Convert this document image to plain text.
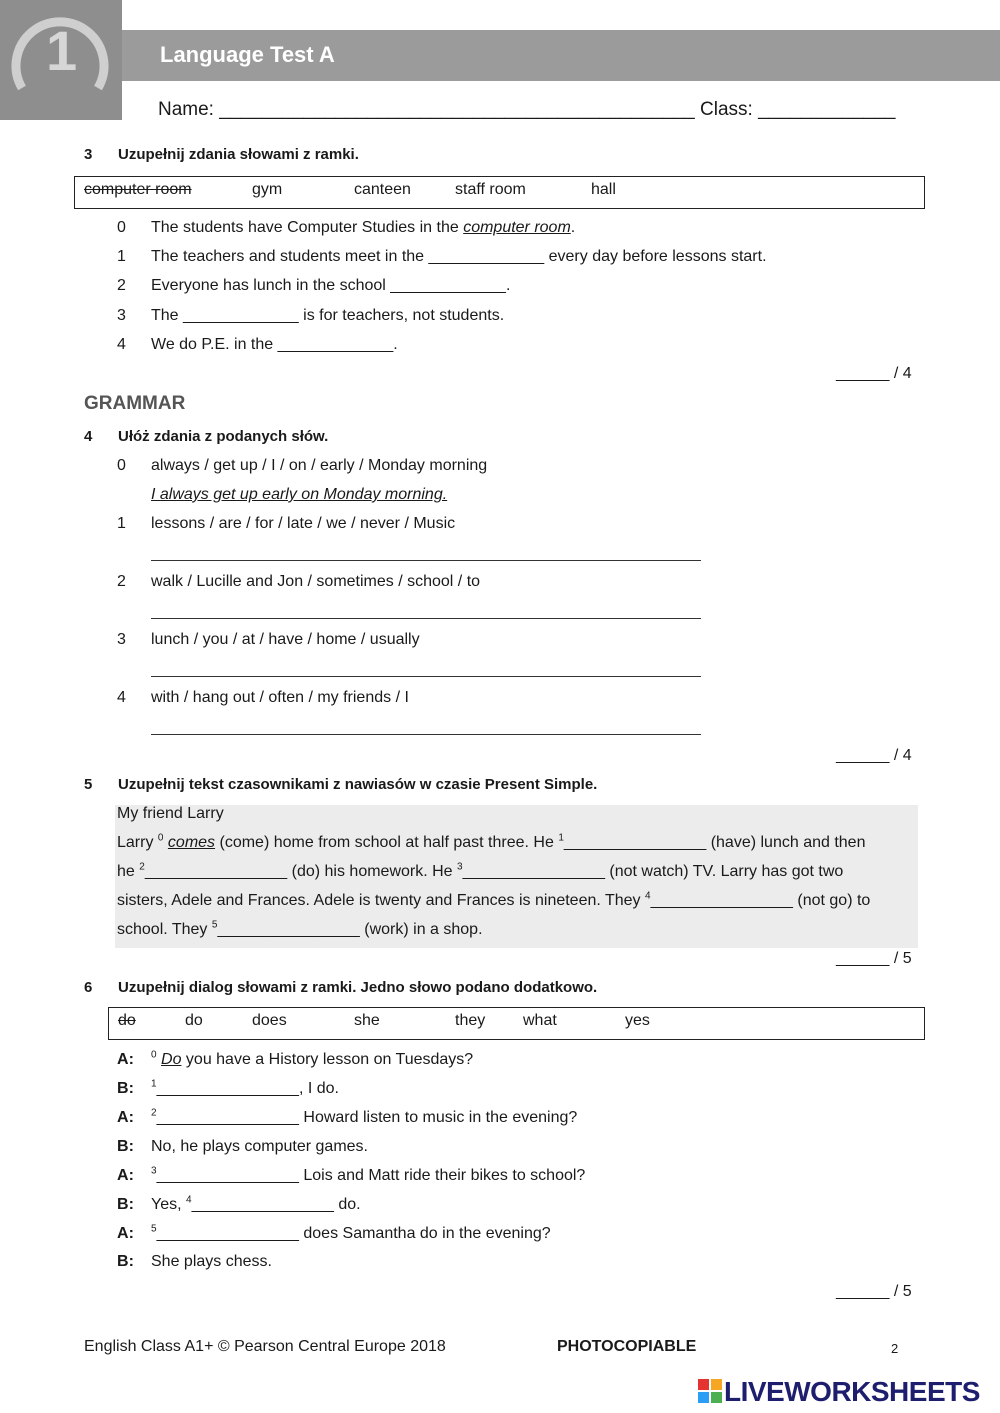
1	Language Test A
Name: _____________________________________________ Class: _____________
3 Uzupełnij zdania słowami z ramki.
computer room	gym	canteen	staff room	hall
0 The students have Computer Studies in the computer room.
1 The teachers and students meet in the _____________ every day before lessons start.
2 Everyone has lunch in the school _____________.
3 The _____________ is for teachers, not students.
4 We do P.E. in the _____________.
______ / 4
GRAMMAR
4 Ułóż zdania z podanych słów.
0 always / get up / I / on / early / Monday morning
I always get up early on Monday morning.
1 lessons / are / for / late / we / never / Music
2 walk / Lucille and Jon / sometimes / school / to
3 lunch / you / at / have / home / usually
4 with / hang out / often / my friends / I
______ / 4
5 Uzupełnij tekst czasownikami z nawiasów w czasie Present Simple.
My friend Larry
Larry $^0$ comes (come) home from school at half past three. He $^1$________________ (have) lunch and then
he $^2$________________ (do) his homework. He $^3$________________ (not watch) TV. Larry has got two
sisters, Adele and Frances. Adele is twenty and Frances is nineteen. They $^4$________________ (not go) to
school. They $^5$________________ (work) in a shop.
______ / 5
6 Uzupełnij dialog słowami z ramki. Jedno słowo podano dodatkowo.
do	do	does	she	they what	yes
A: $^0$ Do you have a History lesson on Tuesdays?
B: $^1$________________, I do.
A: $^2$________________ Howard listen to music in the evening?
B: No, he plays computer games.
A: $^3$________________ Lois and Matt ride their bikes to school?
B: Yes, $^4$________________ do.
A: $^5$________________ does Samantha do in the evening?
B: She plays chess.
______ / 5
English Class A1+ © Pearson Central Europe 2018	PHOTOCOPIABLE	2
LIVEWORKSHEETS
